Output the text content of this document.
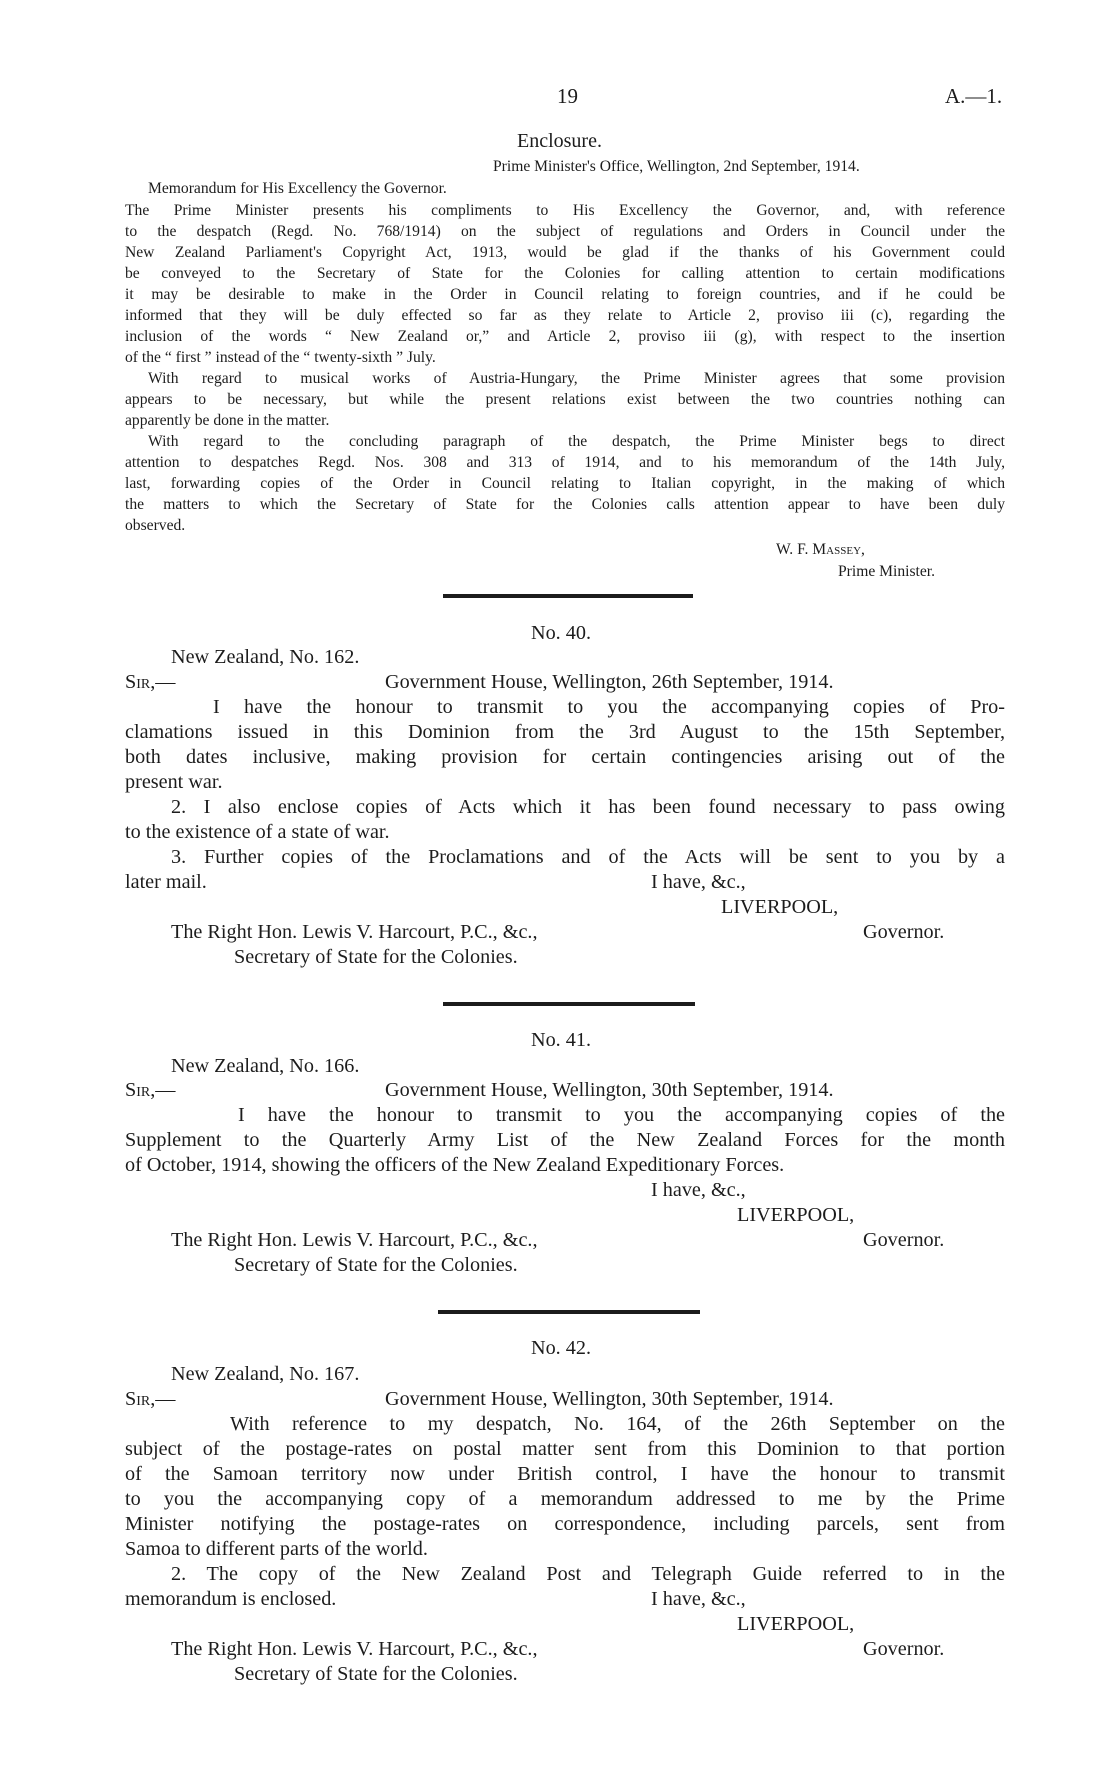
19	A.—1.
Enclosure.
Prime Minister's Office, Wellington, 2nd September, 1914.
Memorandum for His Excellency the Governor.
The Prime Minister presents his compliments to His Excellency the Governor, and, with reference
to the despatch (Regd. No. 768/1914) on the subject of regulations and Orders in Council under the
New Zealand Parliament's Copyright Act, 1913, would be glad if the thanks of his Government could
be conveyed to the Secretary of State for the Colonies for calling attention to certain modifications
it may be desirable to make in the Order in Council relating to foreign countries, and if he could be
informed that they will be duly effected so far as they relate to Article 2, proviso iii (c), regarding the
inclusion of the words “ New Zealand or,” and Article 2, proviso iii (g), with respect to the insertion
of the “ first ” instead of the “ twenty-sixth ” July.
With regard to musical works of Austria-Hungary, the Prime Minister agrees that some provision
appears to be necessary, but while the present relations exist between the two countries nothing can
apparently be done in the matter.
With regard to the concluding paragraph of the despatch, the Prime Minister begs to direct
attention to despatches Regd. Nos. 308 and 313 of 1914, and to his memorandum of the 14th July,
last, forwarding copies of the Order in Council relating to Italian copyright, in the making of which
the matters to which the Secretary of State for the Colonies calls attention appear to have been duly
observed.
W. F. Massey,
Prime Minister.
No. 40.
New Zealand, No. 162.
Sir,—	Government House, Wellington, 26th September, 1914.
I have the honour to transmit to you the accompanying copies of Pro-
clamations issued in this Dominion from the 3rd August to the 15th September,
both dates inclusive, making provision for certain contingencies arising out of the
present war.
2. I also enclose copies of Acts which it has been found necessary to pass owing
to the existence of a state of war.
3. Further copies of the Proclamations and of the Acts will be sent to you by a
later mail.	I have, &c.,
LIVERPOOL,
The Right Hon. Lewis V. Harcourt, P.C., &c.,	Governor.
Secretary of State for the Colonies.
No. 41.
New Zealand, No. 166.
Sir,—	Government House, Wellington, 30th September, 1914.
I have the honour to transmit to you the accompanying copies of the
Supplement to the Quarterly Army List of the New Zealand Forces for the month
of October, 1914, showing the officers of the New Zealand Expeditionary Forces.
I have, &c.,
LIVERPOOL,
The Right Hon. Lewis V. Harcourt, P.C., &c.,	Governor.
Secretary of State for the Colonies.
No. 42.
New Zealand, No. 167.
Sir,—	Government House, Wellington, 30th September, 1914.
With reference to my despatch, No. 164, of the 26th September on the
subject of the postage-rates on postal matter sent from this Dominion to that portion
of the Samoan territory now under British control, I have the honour to transmit
to you the accompanying copy of a memorandum addressed to me by the Prime
Minister notifying the postage-rates on correspondence, including parcels, sent from
Samoa to different parts of the world.
2. The copy of the New Zealand Post and Telegraph Guide referred to in the
memorandum is enclosed.	I have, &c.,
LIVERPOOL,
The Right Hon. Lewis V. Harcourt, P.C., &c.,	Governor.
Secretary of State for the Colonies.
